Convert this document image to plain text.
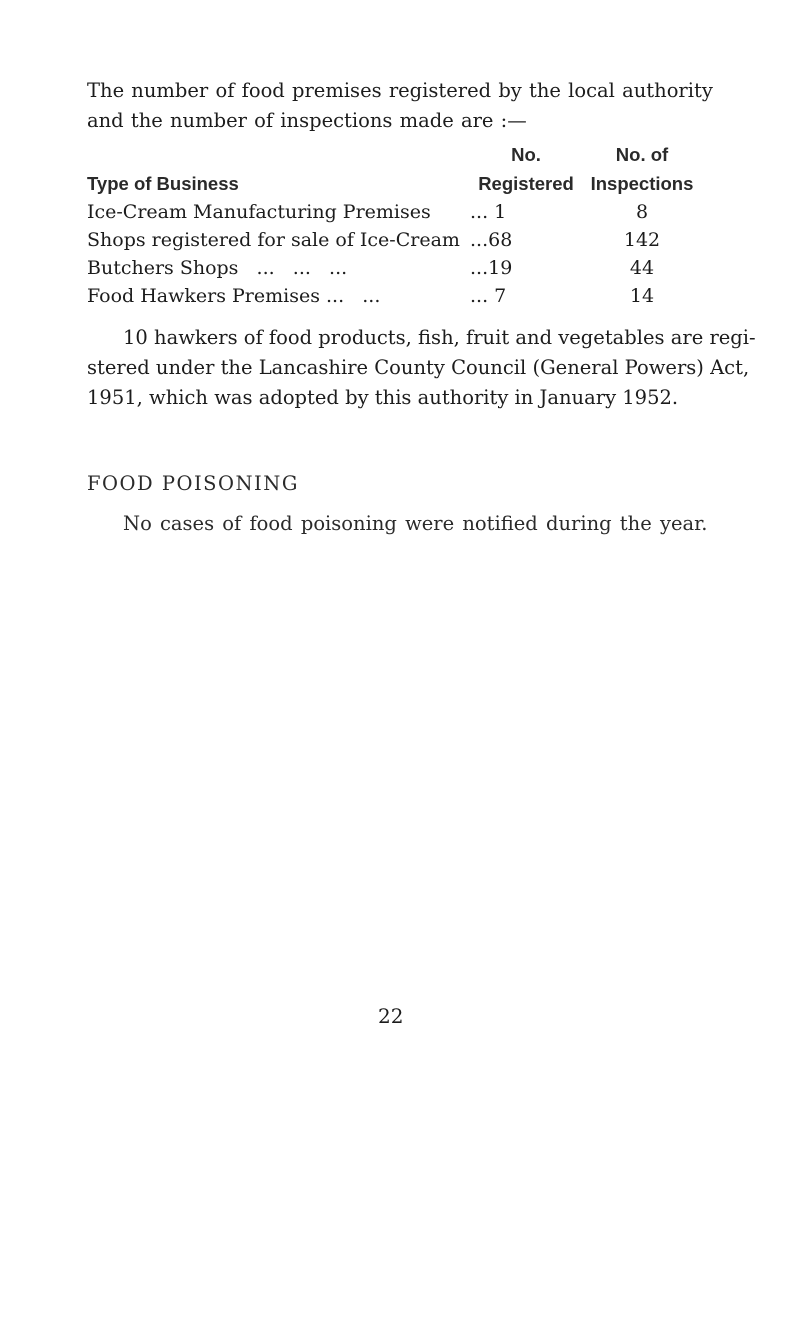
The number of food premises registered by the local authority
and the number of inspections made are :—
	No.	No. of
Type of Business	Registered	Inspections
Ice-Cream Manufacturing Premises	... 1	8
Shops registered for sale of Ice-Cream	...68	142
Butchers Shops   ...   ...   ...	...19	44
Food Hawkers Premises ...   ...	... 7	14
10 hawkers of food products, fish, fruit and vegetables are regi-
stered under the Lancashire County Council (General Powers) Act,
1951, which was adopted by this authority in January 1952.
FOOD POISONING
No cases of food poisoning were notified during the year.
22
